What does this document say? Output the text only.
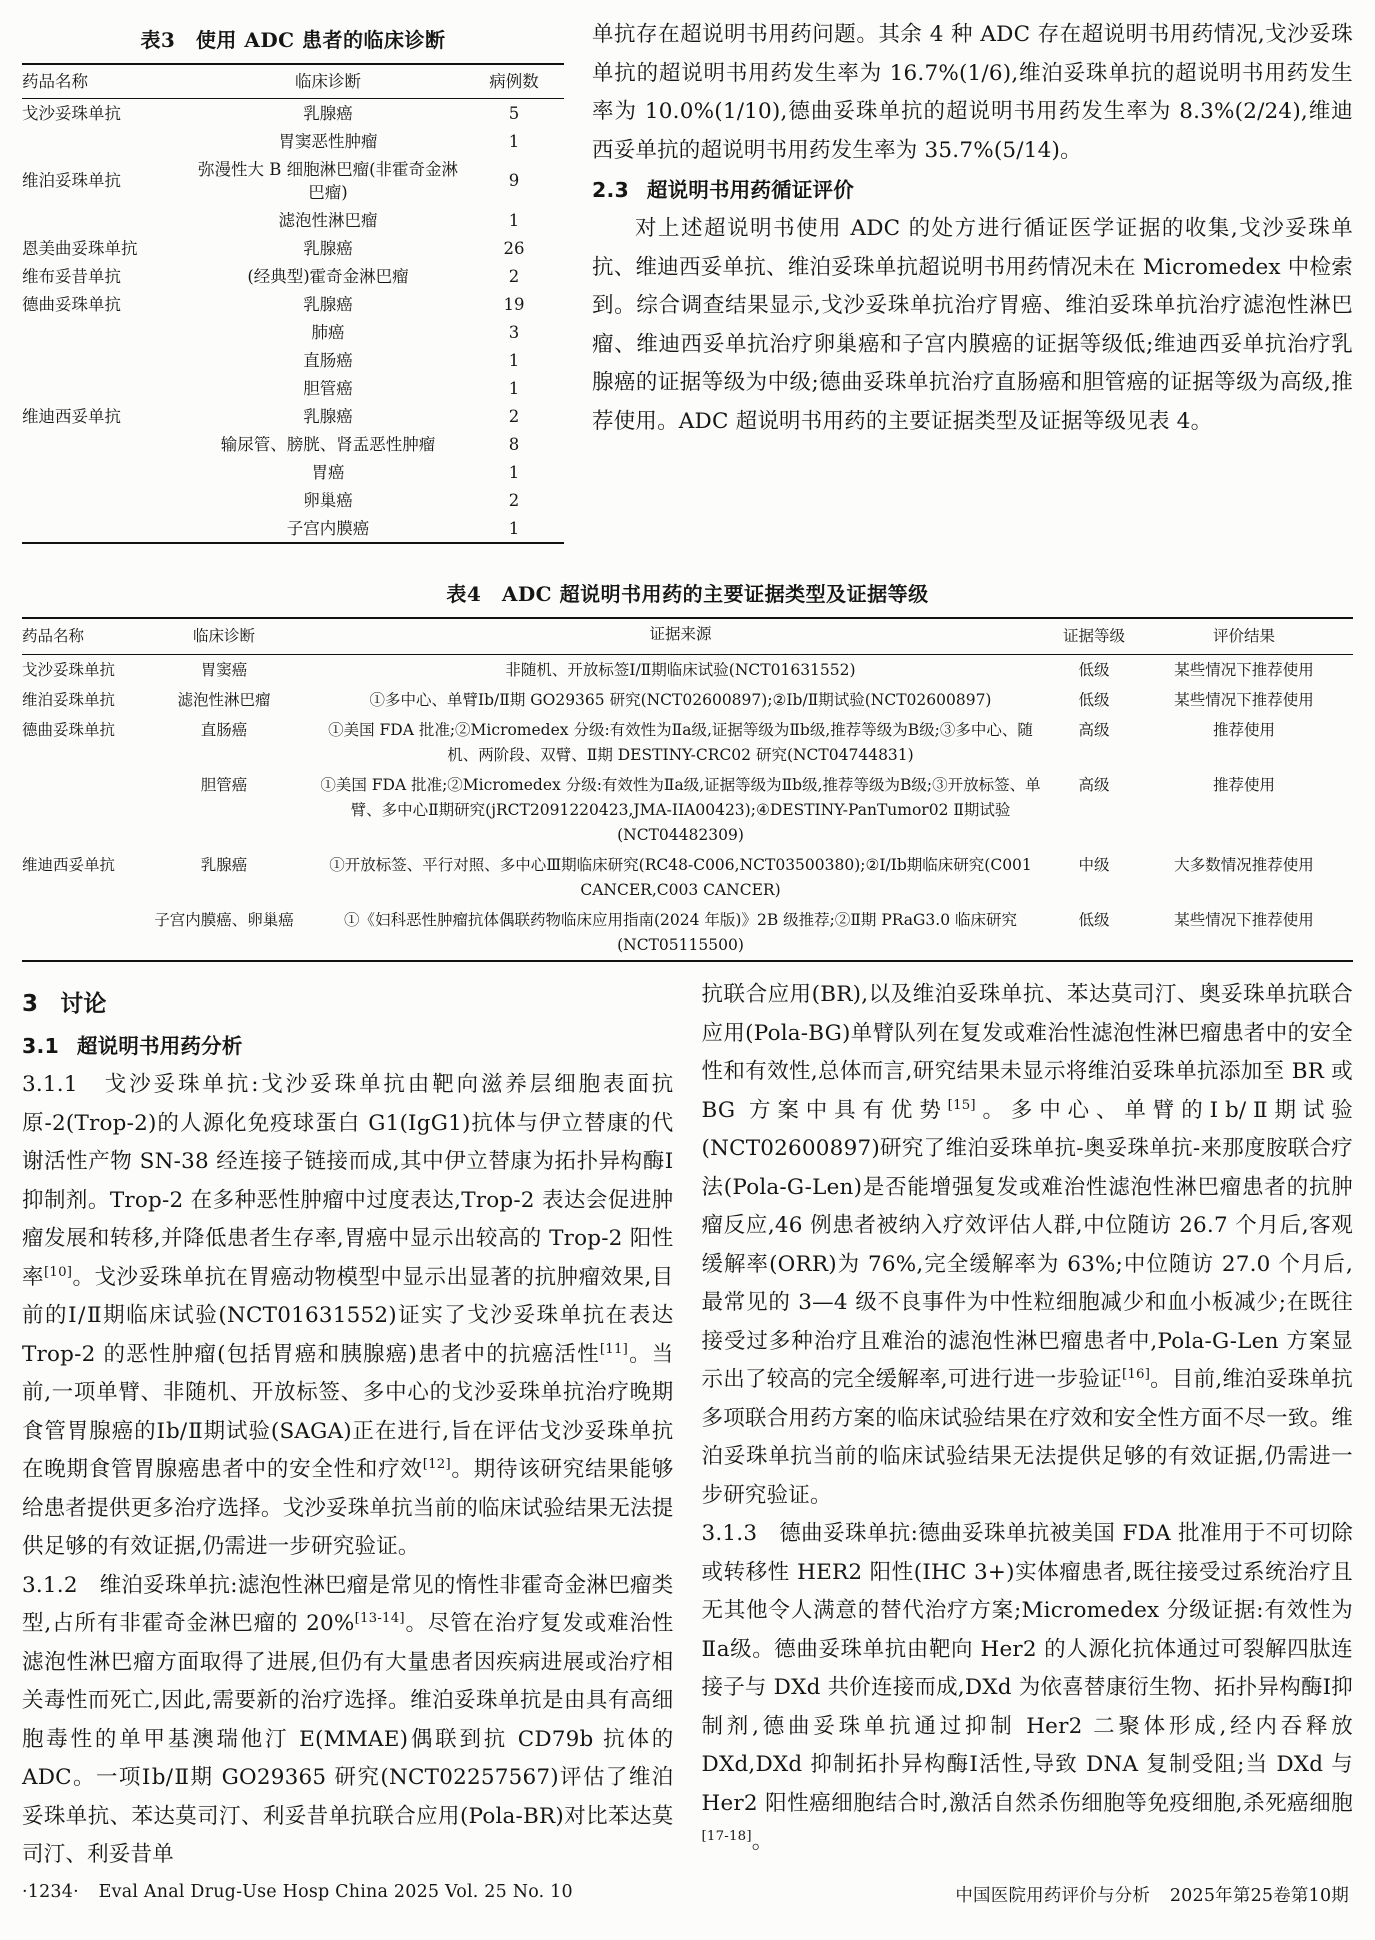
表3　使用 ADC 患者的临床诊断
药品名称	临床诊断	病例数
戈沙妥珠单抗	乳腺癌	5
	胃窦恶性肿瘤	1
维泊妥珠单抗	弥漫性大 B 细胞淋巴瘤(非霍奇金淋巴瘤)	9
	滤泡性淋巴瘤	1
恩美曲妥珠单抗	乳腺癌	26
维布妥昔单抗	(经典型)霍奇金淋巴瘤	2
德曲妥珠单抗	乳腺癌	19
	肺癌	3
	直肠癌	1
	胆管癌	1
维迪西妥单抗	乳腺癌	2
	输尿管、膀胱、肾盂恶性肿瘤	8
	胃癌	1
	卵巢癌	2
	子宫内膜癌	1

单抗存在超说明书用药问题。其余 4 种 ADC 存在超说明书用药情况,戈沙妥珠单抗的超说明书用药发生率为 16.7%(1/6),维泊妥珠单抗的超说明书用药发生率为 10.0%(1/10),德曲妥珠单抗的超说明书用药发生率为 8.3%(2/24),维迪西妥单抗的超说明书用药发生率为 35.7%(5/14)。

2.3 超说明书用药循证评价

对上述超说明书使用 ADC 的处方进行循证医学证据的收集,戈沙妥珠单抗、维迪西妥单抗、维泊妥珠单抗超说明书用药情况未在 Micromedex 中检索到。综合调查结果显示,戈沙妥珠单抗治疗胃癌、维泊妥珠单抗治疗滤泡性淋巴瘤、维迪西妥单抗治疗卵巢癌和子宫内膜癌的证据等级低;维迪西妥单抗治疗乳腺癌的证据等级为中级;德曲妥珠单抗治疗直肠癌和胆管癌的证据等级为高级,推荐使用。ADC 超说明书用药的主要证据类型及证据等级见表 4。

表4　ADC 超说明书用药的主要证据类型及证据等级
药品名称	临床诊断	证据来源	证据等级	评价结果
戈沙妥珠单抗	胃窦癌	非随机、开放标签Ⅰ/Ⅱ期临床试验(NCT01631552)	低级	某些情况下推荐使用
维泊妥珠单抗	滤泡性淋巴瘤	①多中心、单臂Ⅰb/Ⅱ期 GO29365 研究(NCT02600897);②Ⅰb/Ⅱ期试验(NCT02600897)	低级	某些情况下推荐使用
德曲妥珠单抗	直肠癌	①美国 FDA 批准;②Micromedex 分级:有效性为Ⅱa级,证据等级为Ⅱb级,推荐等级为B级;③多中心、随机、两阶段、双臂、Ⅱ期 DESTINY-CRC02 研究(NCT04744831)	高级	推荐使用
	胆管癌	①美国 FDA 批准;②Micromedex 分级:有效性为Ⅱa级,证据等级为Ⅱb级,推荐等级为B级;③开放标签、单臂、多中心Ⅱ期研究(jRCT2091220423,JMA-IIA00423);④DESTINY-PanTumor02 Ⅱ期试验(NCT04482309)	高级	推荐使用
维迪西妥单抗	乳腺癌	①开放标签、平行对照、多中心Ⅲ期临床研究(RC48-C006,NCT03500380);②Ⅰ/Ⅰb期临床研究(C001 CANCER,C003 CANCER)	中级	大多数情况推荐使用
	子宫内膜癌、卵巢癌	①《妇科恶性肿瘤抗体偶联药物临床应用指南(2024 年版)》2B 级推荐;②Ⅱ期 PRaG3.0 临床研究(NCT05115500)	低级	某些情况下推荐使用
3 讨论
3.1 超说明书用药分析

3.1.1　戈沙妥珠单抗:戈沙妥珠单抗由靶向滋养层细胞表面抗原-2(Trop-2)的人源化免疫球蛋白 G1(IgG1)抗体与伊立替康的代谢活性产物 SN-38 经连接子链接而成,其中伊立替康为拓扑异构酶Ⅰ抑制剂。Trop-2 在多种恶性肿瘤中过度表达,Trop-2 表达会促进肿瘤发展和转移,并降低患者生存率,胃癌中显示出较高的 Trop-2 阳性率[10]。戈沙妥珠单抗在胃癌动物模型中显示出显著的抗肿瘤效果,目前的Ⅰ/Ⅱ期临床试验(NCT01631552)证实了戈沙妥珠单抗在表达 Trop-2 的恶性肿瘤(包括胃癌和胰腺癌)患者中的抗癌活性[11]。当前,一项单臂、非随机、开放标签、多中心的戈沙妥珠单抗治疗晚期食管胃腺癌的Ⅰb/Ⅱ期试验(SAGA)正在进行,旨在评估戈沙妥珠单抗在晚期食管胃腺癌患者中的安全性和疗效[12]。期待该研究结果能够给患者提供更多治疗选择。戈沙妥珠单抗当前的临床试验结果无法提供足够的有效证据,仍需进一步研究验证。

3.1.2　维泊妥珠单抗:滤泡性淋巴瘤是常见的惰性非霍奇金淋巴瘤类型,占所有非霍奇金淋巴瘤的 20%[13-14]。尽管在治疗复发或难治性滤泡性淋巴瘤方面取得了进展,但仍有大量患者因疾病进展或治疗相关毒性而死亡,因此,需要新的治疗选择。维泊妥珠单抗是由具有高细胞毒性的单甲基澳瑞他汀 E(MMAE)偶联到抗 CD79b 抗体的 ADC。一项Ⅰb/Ⅱ期 GO29365 研究(NCT02257567)评估了维泊妥珠单抗、苯达莫司汀、利妥昔单抗联合应用(Pola-BR)对比苯达莫司汀、利妥昔单

抗联合应用(BR),以及维泊妥珠单抗、苯达莫司汀、奥妥珠单抗联合应用(Pola-BG)单臂队列在复发或难治性滤泡性淋巴瘤患者中的安全性和有效性,总体而言,研究结果未显示将维泊妥珠单抗添加至 BR 或 BG 方案中具有优势[15]。多中心、单臂的Ⅰb/Ⅱ期试验(NCT02600897)研究了维泊妥珠单抗-奥妥珠单抗-来那度胺联合疗法(Pola-G-Len)是否能增强复发或难治性滤泡性淋巴瘤患者的抗肿瘤反应,46 例患者被纳入疗效评估人群,中位随访 26.7 个月后,客观缓解率(ORR)为 76%,完全缓解率为 63%;中位随访 27.0 个月后,最常见的 3—4 级不良事件为中性粒细胞减少和血小板减少;在既往接受过多种治疗且难治的滤泡性淋巴瘤患者中,Pola-G-Len 方案显示出了较高的完全缓解率,可进行进一步验证[16]。目前,维泊妥珠单抗多项联合用药方案的临床试验结果在疗效和安全性方面不尽一致。维泊妥珠单抗当前的临床试验结果无法提供足够的有效证据,仍需进一步研究验证。

3.1.3　德曲妥珠单抗:德曲妥珠单抗被美国 FDA 批准用于不可切除或转移性 HER2 阳性(IHC 3+)实体瘤患者,既往接受过系统治疗且无其他令人满意的替代治疗方案;Micromedex 分级证据:有效性为Ⅱa级。德曲妥珠单抗由靶向 Her2 的人源化抗体通过可裂解四肽连接子与 DXd 共价连接而成,DXd 为依喜替康衍生物、拓扑异构酶Ⅰ抑制剂,德曲妥珠单抗通过抑制 Her2 二聚体形成,经内吞释放 DXd,DXd 抑制拓扑异构酶Ⅰ活性,导致 DNA 复制受阻;当 DXd 与 Her2 阳性癌细胞结合时,激活自然杀伤细胞等免疫细胞,杀死癌细胞[17-18]。

·1234· Eval Anal Drug-Use Hosp China 2025 Vol. 25 No. 10	中国医院用药评价与分析 2025年第25卷第10期
